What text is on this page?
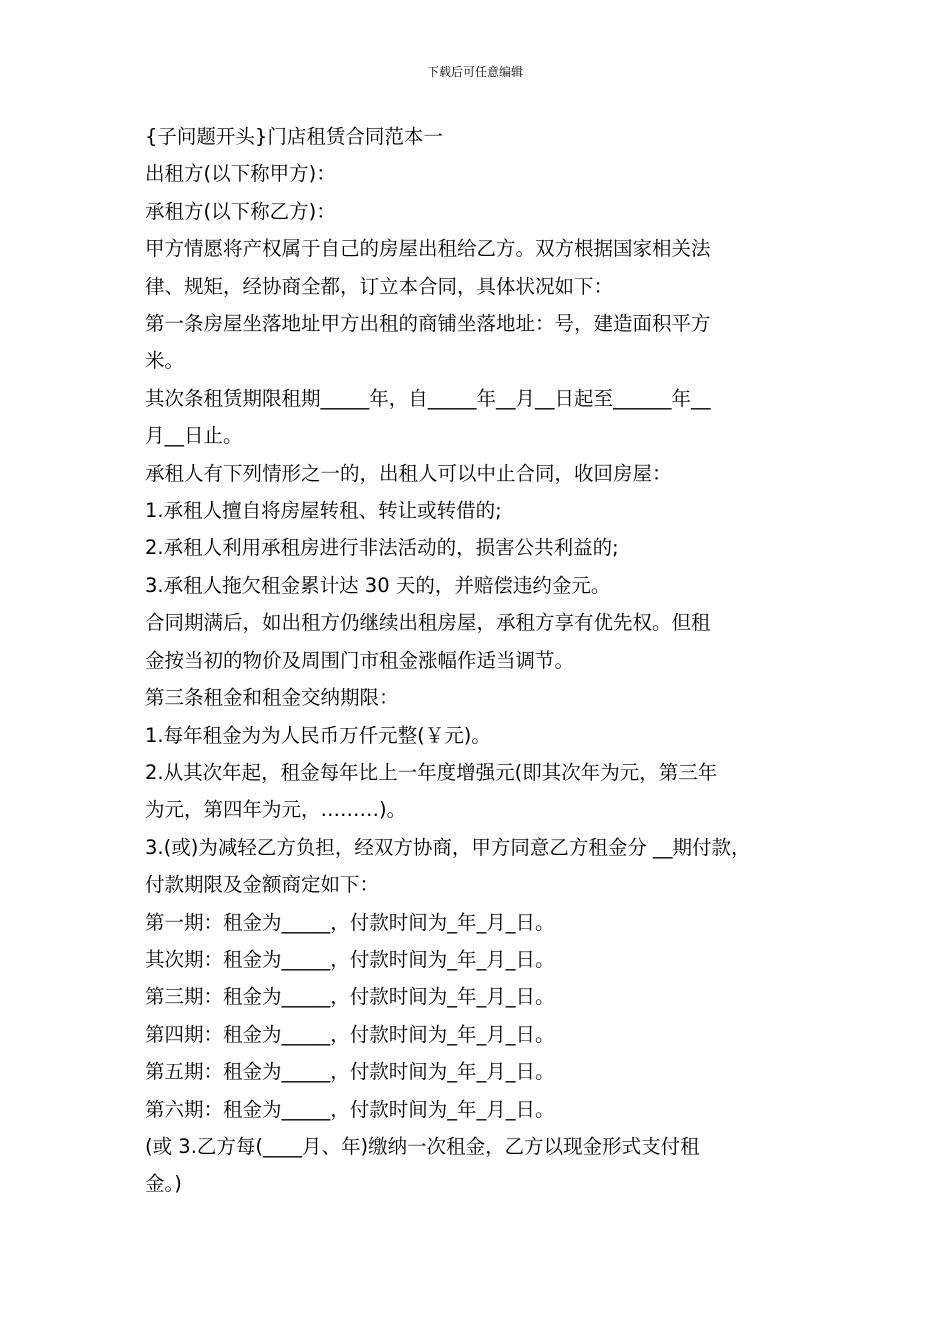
下载后可任意编辑

{子问题开头}门店租赁合同范本一

出租方(以下称甲方)：

承租方(以下称乙方)：

甲方情愿将产权属于自己的房屋出租给乙方。双方根据国家相关法

律、规矩，经协商全都，订立本合同，具体状况如下：

第一条房屋坐落地址甲方出租的商铺坐落地址：号，建造面积平方

米。

其次条租赁期限租期_____年，自_____年__月__日起至______年__

月__日止。

承租人有下列情形之一的，出租人可以中止合同，收回房屋：

1.承租人擅自将房屋转租、转让或转借的;

2.承租人利用承租房进行非法活动的，损害公共利益的;

3.承租人拖欠租金累计达 30 天的，并赔偿违约金元。

合同期满后，如出租方仍继续出租房屋，承租方享有优先权。但租

金按当初的物价及周围门市租金涨幅作适当调节。

第三条租金和租金交纳期限：

1.每年租金为为人民币万仟元整(￥元)。

2.从其次年起，租金每年比上一年度增强元(即其次年为元，第三年

为元，第四年为元，………)。

3.(或)为减轻乙方负担，经双方协商，甲方同意乙方租金分 __期付款，

付款期限及金额商定如下：

第一期：租金为_____，付款时间为_年_月_日。

其次期：租金为_____，付款时间为_年_月_日。

第三期：租金为_____，付款时间为_年_月_日。

第四期：租金为_____，付款时间为_年_月_日。

第五期：租金为_____，付款时间为_年_月_日。

第六期：租金为_____，付款时间为_年_月_日。

(或 3.乙方每(____月、年)缴纳一次租金，乙方以现金形式支付租

金。)
